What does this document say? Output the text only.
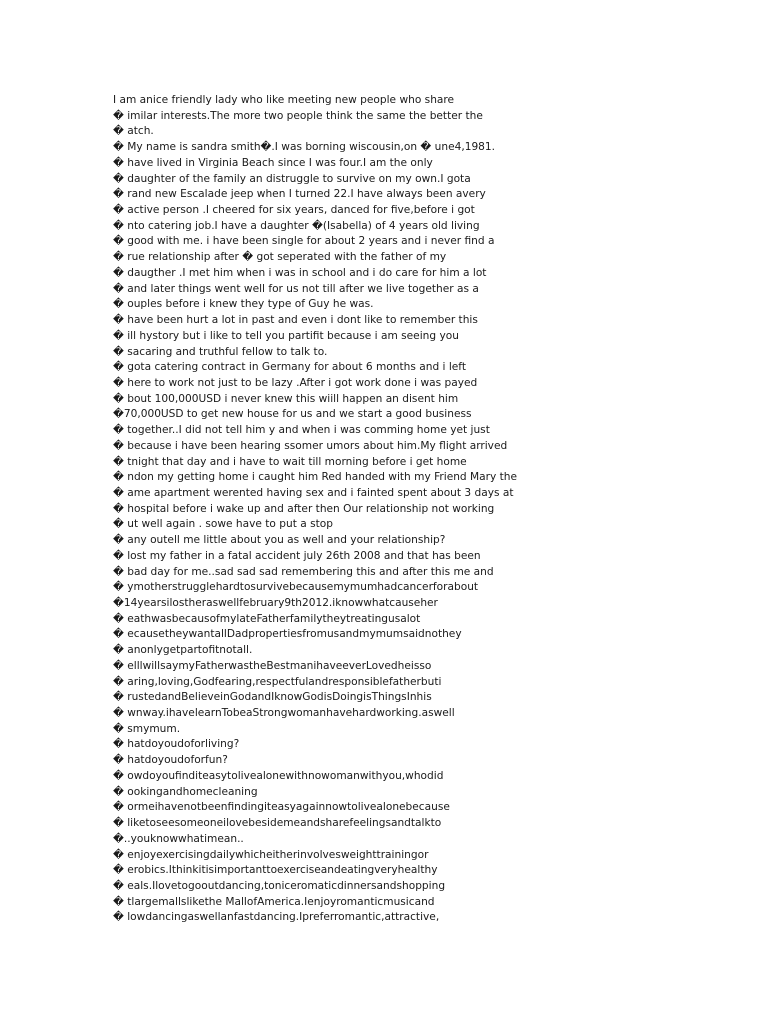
I am anice friendly lady who like meeting new people who share
� imilar interests.The more two people think the same the better the
� atch.
� My name is sandra smith�.I was borning wiscousin,on � une4,1981.
� have lived in Virginia Beach since I was four.I am the only
� daughter of the family an distruggle to survive on my own.I gota
� rand new Escalade jeep when I turned 22.I have always been avery
� active person .I cheered for six years, danced for five,before i got
� nto catering job.I have a daughter �(Isabella) of 4 years old living
� good with me. i have been single for about 2 years and i never find a
� rue relationship after � got seperated with the father of my
� daugther .I met him when i was in school and i do care for him a lot
� and later things went well for us not till after we live together as a
� ouples before i knew they type of Guy he was.
� have been hurt a lot in past and even i dont like to remember this
� ill hystory but i like to tell you partifit because i am seeing you
� sacaring and truthful fellow to talk to.
� gota catering contract in Germany for about 6 months and i left
� here to work not just to be lazy .After i got work done i was payed
� bout 100,000USD i never knew this wiill happen an disent him
�70,000USD to get new house for us and we start a good business
� together..I did not tell him y and when i was comming home yet just
� because i have been hearing ssomer umors about him.My flight arrived
� tnight that day and i have to wait till morning before i get home
� ndon my getting home i caught him Red handed with my Friend Mary the
� ame apartment werented having sex and i fainted spent about 3 days at
� hospital before i wake up and after then Our relationship not working
� ut well again . sowe have to put a stop
� any outell me little about you as well and your relationship?
� lost my father in a fatal accident july 26th 2008 and that has been
� bad day for me..sad sad sad remembering this and after this me and
� ymotherstrugglehardtosurvivebecausemymumhadcancerforabout
�14yearsilostheraswellfebruary9th2012.iknowwhatcauseher
� eathwasbecausofmylateFatherfamilytheytreatingusalot
� ecausetheywantallDadpropertiesfromusandmymumsaidnothey
� anonlygetpartofitnotall.
� elllwillsaymyFatherwastheBestmanihaveeverLovedheisso
� aring,loving,Godfearing,respectfulandresponsiblefatherbuti
� rustedandBelieveinGodandIknowGodisDoingisThingsInhis
� wnway.ihavelearnTobeaStrongwomanhavehardworking.aswell
� smymum.
� hatdoyoudoforliving?
� hatdoyoudoforfun?
� owdoyoufinditeasytolivealonewithnowomanwithyou,whodid
� ookingandhomecleaning
� ormeihavenotbeenfindingiteasyagainnowtolivealonebecause
� liketoseesomeoneilovebesidemeandsharefeelingsandtalkto
�..youknowwhatimean..
� enjoyexercisingdailywhicheitherinvolvesweighttrainingor
� erobics.Ithinkitisimportanttoexerciseandeatingveryhealthy
� eals.Ilovetogooutdancing,toniceromaticdinnersandshopping
� tlargemallslikethe MallofAmerica.Ienjoyromanticmusicand
� lowdancingaswellanfastdancing.Ipreferromantic,attractive,
